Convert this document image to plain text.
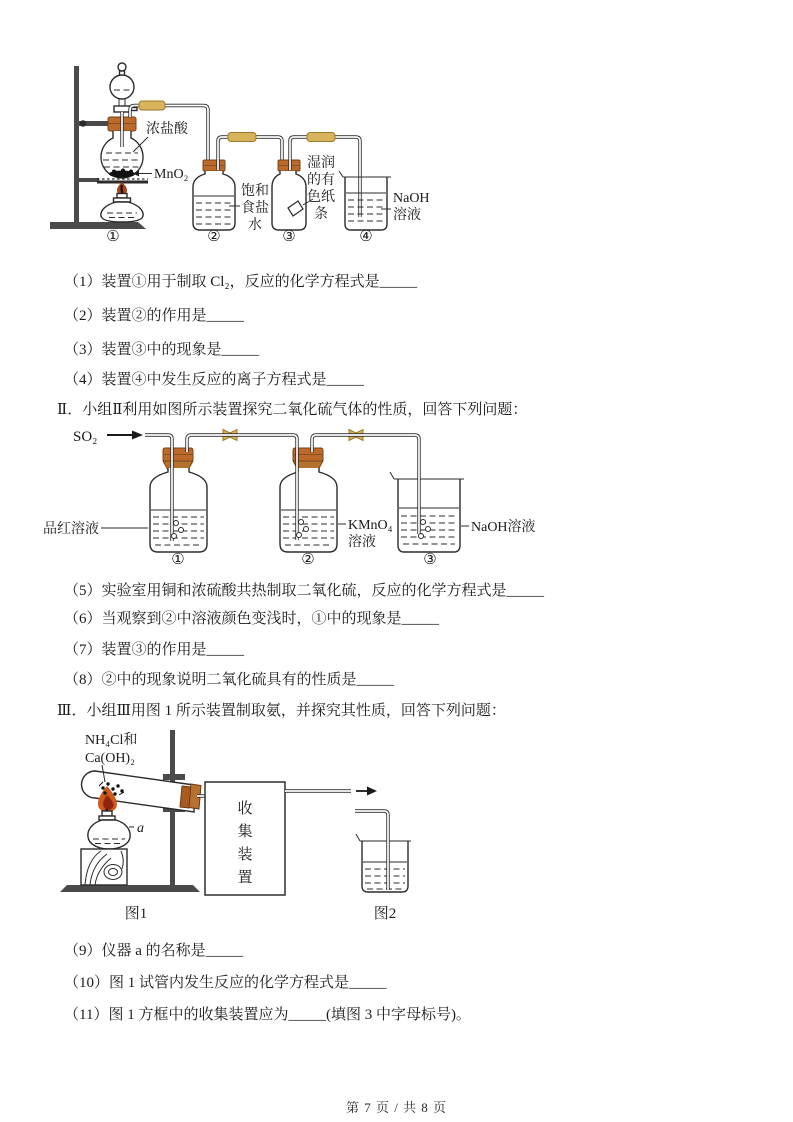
浓盐酸
MnO₂
饱和
食盐
水
湿润
的有
色纸
条
NaOH
溶液
①	②	③	④
（1）装置①用于制取 Cl₂，反应的化学方程式是_____
（2）装置②的作用是_____
（3）装置③中的现象是_____
（4）装置④中发生反应的离子方程式是_____
Ⅱ．小组Ⅱ利用如图所示装置探究二氧化硫气体的性质，回答下列问题：
SO₂
品红溶液	KMnO₄
溶液
NaOH溶液
①	②	③
（5）实验室用铜和浓硫酸共热制取二氧化硫，反应的化学方程式是_____
（6）当观察到②中溶液颜色变浅时，①中的现象是_____
（7）装置③的作用是_____
（8）②中的现象说明二氧化硫具有的性质是_____
Ⅲ．小组Ⅲ用图 1 所示装置制取氨，并探究其性质，回答下列问题：
a
收
集
装
置
NH₄Cl和
Ca(OH)₂
图1	图2
（9）仪器 a 的名称是_____
（10）图 1 试管内发生反应的化学方程式是_____
（11）图 1 方框中的收集装置应为_____(填图 3 中字母标号)。
第 7 页 / 共 8 页
